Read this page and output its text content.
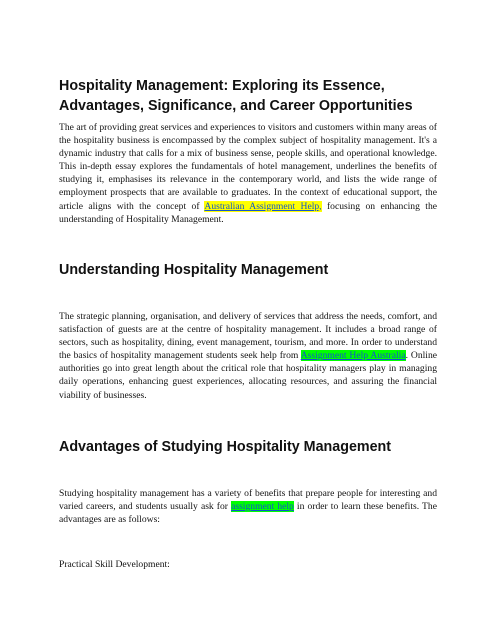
Hospitality Management: Exploring its Essence, Advantages, Significance, and Career Opportunities

The art of providing great services and experiences to visitors and customers within many areas of the hospitality business is encompassed by the complex subject of hospitality management. It's a dynamic industry that calls for a mix of business sense, people skills, and operational knowledge. This in-depth essay explores the fundamentals of hotel management, underlines the benefits of studying it, emphasises its relevance in the contemporary world, and lists the wide range of employment prospects that are available to graduates. In the context of educational support, the article aligns with the concept of Australian Assignment Help, focusing on enhancing the understanding of Hospitality Management.

Understanding Hospitality Management

The strategic planning, organisation, and delivery of services that address the needs, comfort, and satisfaction of guests are at the centre of hospitality management. It includes a broad range of sectors, such as hospitality, dining, event management, tourism, and more. In order to understand the basics of hospitality management students seek help from Assignment Help Australia. Online authorities go into great length about the critical role that hospitality managers play in managing daily operations, enhancing guest experiences, allocating resources, and assuring the financial viability of businesses.

Advantages of Studying Hospitality Management

Studying hospitality management has a variety of benefits that prepare people for interesting and varied careers, and students usually ask for assignment help in order to learn these benefits. The advantages are as follows:

Practical Skill Development:
